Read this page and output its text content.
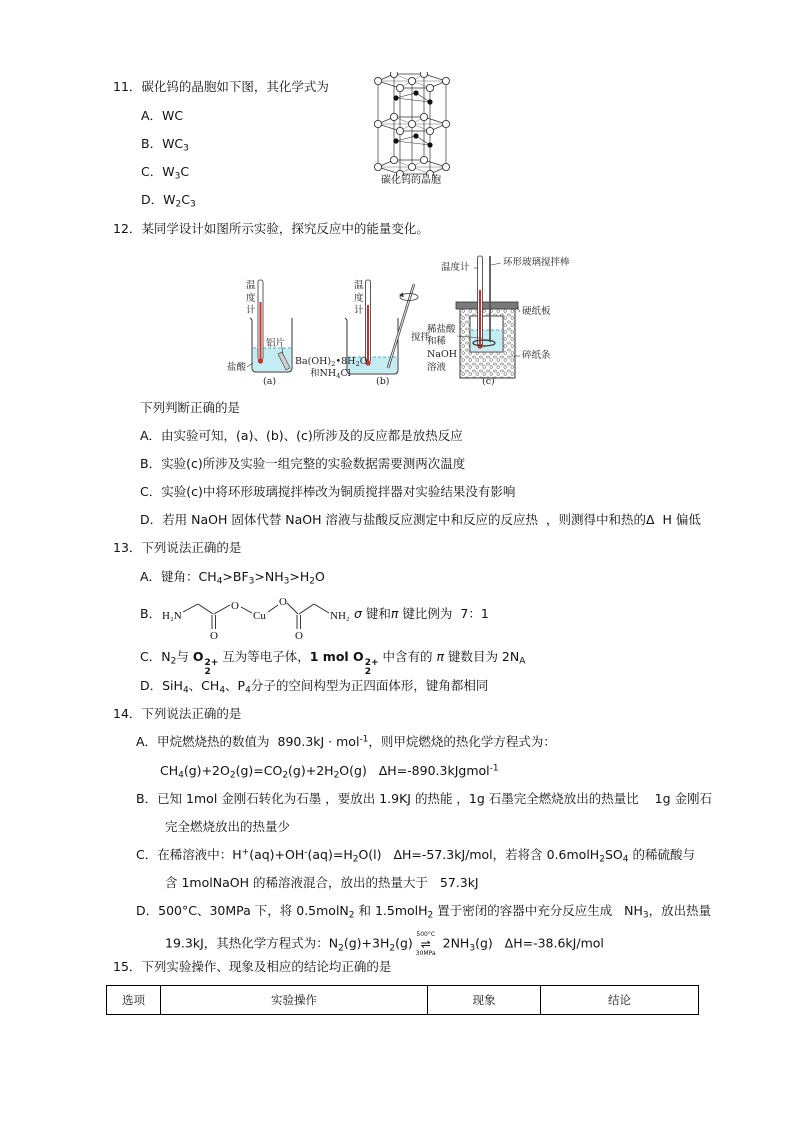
11．碳化钨的晶胞如下图，其化学式为
A．WC
B．$WC_3$
C．$W_3C$
D．$W_2C_3$
碳化钨的晶胞
12．某同学设计如图所示实验，探究反应中的能量变化。
温度计
铝片
盐酸
(a)
温度计
搅拌
$Ba(OH)_2•8H_2O$
和$NH_4Cl$
(b)
温度计	环形玻璃搅拌棒
硬纸板
稀盐酸
和稀
NaOH
溶液
碎纸条
(c)
下列判断正确的是
A．由实验可知，(a)、(b)、(c)所涉及的反应都是放热反应
B．实验(c)所涉及实验一组完整的实验数据需要测两次温度
C．实验(c)中将环形玻璃搅拌棒改为铜质搅拌器对实验结果没有影响
D．若用 NaOH 固体代替 NaOH 溶液与盐酸反应测定中和反应的反应热  ，则测得中和热的Δ  H 偏低
13．下列说法正确的是
A．键角：$CH_4>BF_3>NH_3>H_2O$
B． H₂N
O
O
Cu
O
O
NH₂ σ 键和π 键比例为  7：1
C．$N_2$与 O 2+
2
互为等电子体，1 mol O 2+
2
中含有的 π 键数目为 $2N_A$
D．SiH$_4$、$CH_4$、$P_4$分子的空间构型为正四面体形，键角都相同
14．下列说法正确的是
A．甲烷燃烧热的数值为  890.3kJ · mol$^{-1}$，则甲烷燃烧的热化学方程式为：
$CH_4(g)+2O_2(g)=CO_2(g)+2H_2O(g)$   ΔH=-890.3kJgmol$^{-1}$
B．已知 1mol 金刚石转化为石墨 ，要放出 1.9KJ 的热能 ，1g 石墨完全燃烧放出的热量比    1g 金刚石
完全燃烧放出的热量少
C．在稀溶液中：$H^+(aq)+OH^-(aq)=H_2O(l)$   ΔH=-57.3kJ/mol，若将含 $0.6molH_2SO_4$ 的稀硫酸与
含 1molNaOH 的稀溶液混合，放出的热量大于   57.3kJ
D．500°C、30MPa 下，将 0.5molN$_2$ 和 1.5molH$_2$ 置于密闭的容器中充分反应生成   $NH_3$，放出热量
19.3kJ，其热化学方程式为：$N_2(g)+3H_2(g)$
500°C
⇌
30MPa
$2NH_3(g)$   ΔH=-38.6kJ/mol
15．下列实验操作、现象及相应的结论均正确的是
选项	实验操作	现象	结论
